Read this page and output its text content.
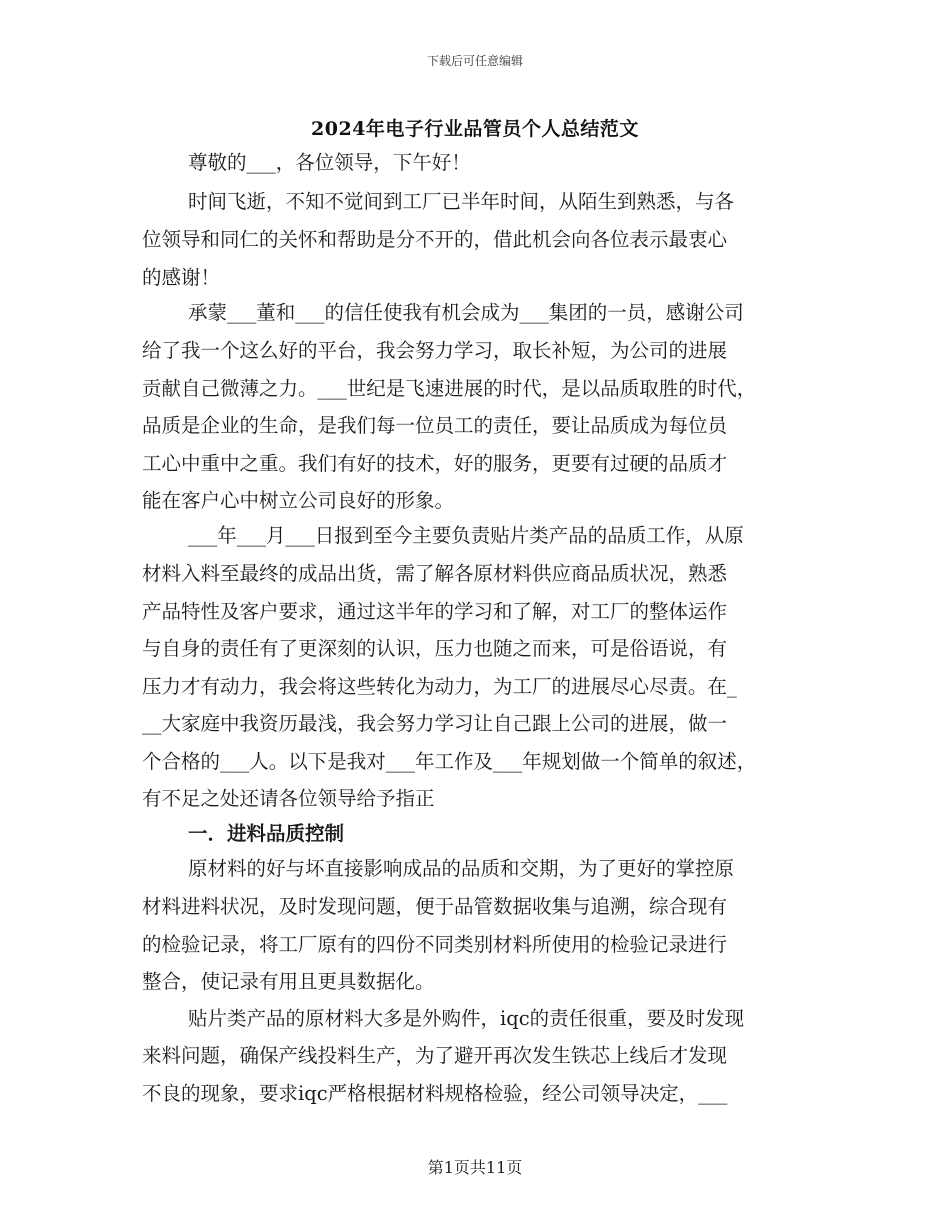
下载后可任意编辑
2024年电子行业品管员个人总结范文
尊敬的___，各位领导，下午好！
时间飞逝，不知不觉间到工厂已半年时间，从陌生到熟悉，与各
位领导和同仁的关怀和帮助是分不开的，借此机会向各位表示最衷心
的感谢！
承蒙___董和___的信任使我有机会成为___集团的一员，感谢公司
给了我一个这么好的平台，我会努力学习，取长补短，为公司的进展
贡献自己微薄之力。___世纪是飞速进展的时代，是以品质取胜的时代，
品质是企业的生命，是我们每一位员工的责任，要让品质成为每位员
工心中重中之重。我们有好的技术，好的服务，更要有过硬的品质才
能在客户心中树立公司良好的形象。
___年___月___日报到至今主要负责贴片类产品的品质工作，从原
材料入料至最终的成品出货，需了解各原材料供应商品质状况，熟悉
产品特性及客户要求，通过这半年的学习和了解，对工厂的整体运作
与自身的责任有了更深刻的认识，压力也随之而来，可是俗语说，有
压力才有动力，我会将这些转化为动力，为工厂的进展尽心尽责。在_
__大家庭中我资历最浅，我会努力学习让自己跟上公司的进展，做一
个合格的___人。以下是我对___年工作及___年规划做一个简单的叙述，
有不足之处还请各位领导给予指正
一．进料品质控制
原材料的好与坏直接影响成品的品质和交期，为了更好的掌控原
材料进料状况，及时发现问题，便于品管数据收集与追溯，综合现有
的检验记录，将工厂原有的四份不同类别材料所使用的检验记录进行
整合，使记录有用且更具数据化。
贴片类产品的原材料大多是外购件，iqc的责任很重，要及时发现
来料问题，确保产线投料生产，为了避开再次发生铁芯上线后才发现
不良的现象，要求iqc严格根据材料规格检验，经公司领导决定，___
第1页共11页
